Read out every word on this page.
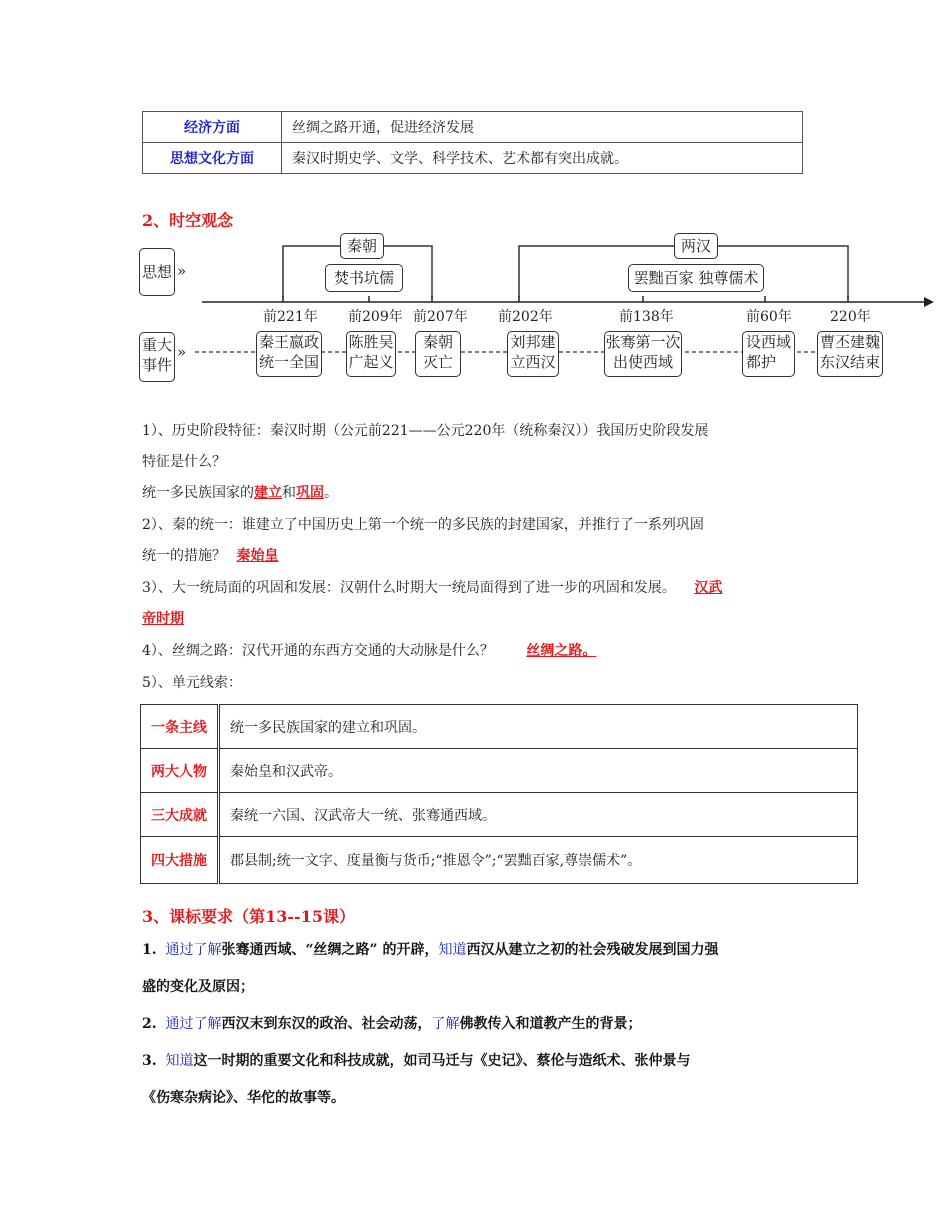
经济方面	丝绸之路开通，促进经济发展
思想文化方面	秦汉时期史学、文学、科学技术、艺术都有突出成就。
2、时空观念
思想 »
重大
事件
»
秦朝
焚书坑儒
两汉
罢黜百家 独尊儒术
前221年 前209年 前207年 前202年	前138年	前60年	220年
秦王嬴政
统一全国
陈胜吴
广起义
秦朝
灭亡
刘邦建
立西汉
张骞第一次
出使西域
设西域
都护
曹丕建魏
东汉结束
1）、历史阶段特征：秦汉时期（公元前221——公元220年（统称秦汉））我国历史阶段发展
特征是什么？
统一多民族国家的建立和巩固。
2）、秦的统一：谁建立了中国历史上第一个统一的多民族的封建国家，并推行了一系列巩固
统一的措施？ 秦始皇
3）、大一统局面的巩固和发展：汉朝什么时期大一统局面得到了进一步的巩固和发展。 汉武
帝时期
4）、丝绸之路：汉代开通的东西方交通的大动脉是什么？ 丝绸之路。
5）、单元线索：
一条主线	统一多民族国家的建立和巩固。
两大人物	秦始皇和汉武帝。
三大成就	秦统一六国、汉武帝大一统、张骞通西域。
四大措施	郡县制;统一文字、度量衡与货币;“推恩令”;“罢黜百家,尊崇儒术”。
3、课标要求（第13--15课）
1. 通过了解张骞通西域、“丝绸之路” 的开辟，知道西汉从建立之初的社会残破发展到国力强
盛的变化及原因；
2. 通过了解西汉末到东汉的政治、社会动荡，了解佛教传入和道教产生的背景；
3. 知道这一时期的重要文化和科技成就，如司马迁与《史记》、蔡伦与造纸术、张仲景与
《伤寒杂病论》、华佗的故事等。
